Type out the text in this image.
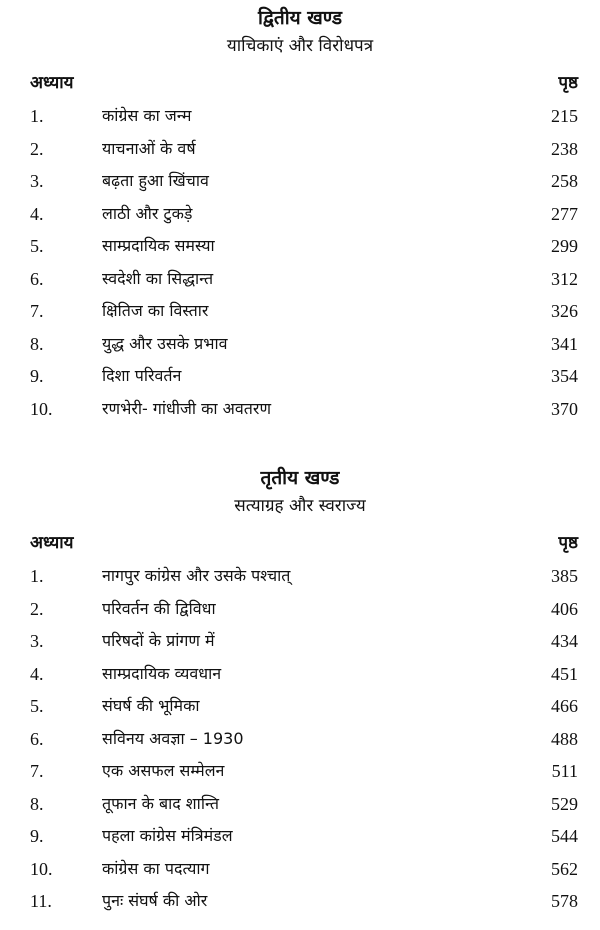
द्वितीय खण्ड
याचिकाएं और विरोधपत्र
अध्याय	पृष्ठ
1.	कांग्रेस का जन्म	215
2.	याचनाओं के वर्ष	238
3.	बढ़ता हुआ खिंचाव	258
4.	लाठी और टुकड़े	277
5.	साम्प्रदायिक समस्या	299
6.	स्वदेशी का सिद्धान्त	312
7.	क्षितिज का विस्तार	326
8.	युद्ध और उसके प्रभाव	341
9.	दिशा परिवर्तन	354
10.	रणभेरी- गांधीजी का अवतरण	370
तृतीय खण्ड
सत्याग्रह और स्वराज्य
अध्याय	पृष्ठ
1.	नागपुर कांग्रेस और उसके पश्चात्	385
2.	परिवर्तन की द्विविधा	406
3.	परिषदों के प्रांगण में	434
4.	साम्प्रदायिक व्यवधान	451
5.	संघर्ष की भूमिका	466
6.	सविनय अवज्ञा – 1930	488
7.	एक असफल सम्मेलन	511
8.	तूफान के बाद शान्ति	529
9.	पहला कांग्रेस मंत्रिमंडल	544
10.	कांग्रेस का पदत्याग	562
11.	पुनः संघर्ष की ओर	578
